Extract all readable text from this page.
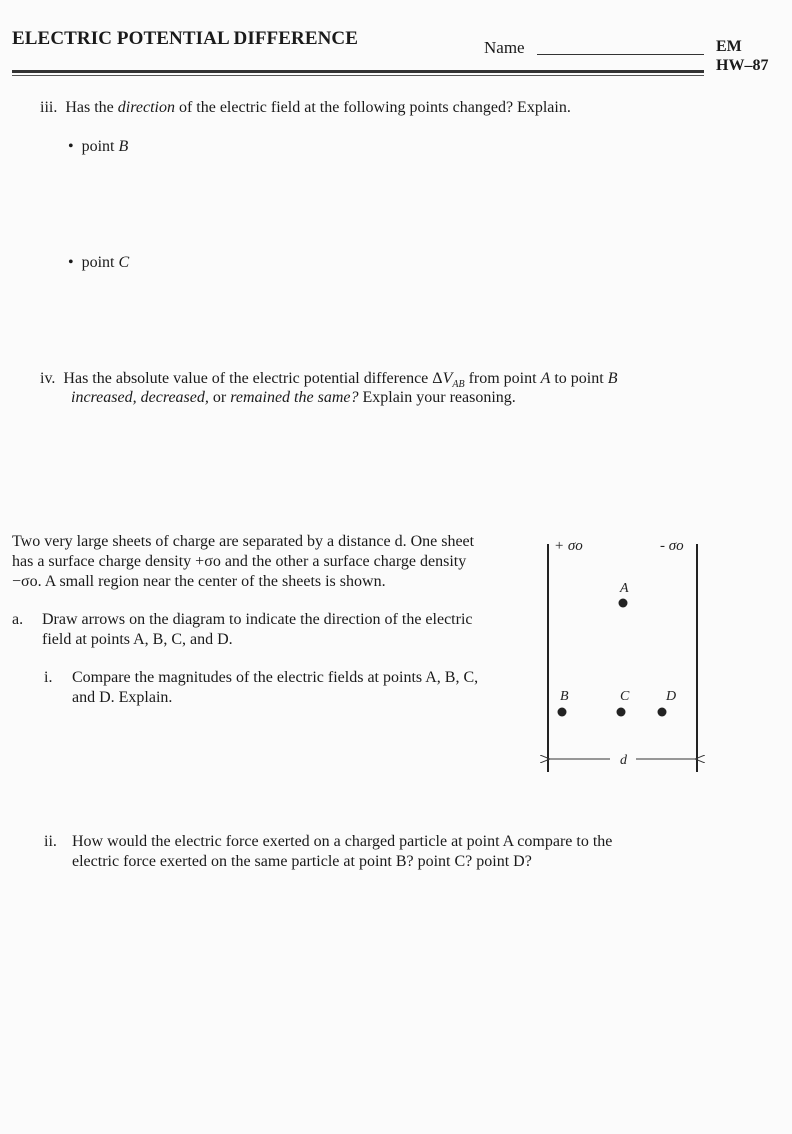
ELECTRIC POTENTIAL DIFFERENCE	Name	EM
HW–87
iii. Has the direction of the electric field at the following points changed? Explain.
• point B
• point C
iv. Has the absolute value of the electric potential difference $\Delta V_{AB}$ from point A to point B
increased, decreased, or remained the same? Explain your reasoning.
Two very large sheets of charge are separated by a distance d. One sheet
has a surface charge density +σo and the other a surface charge density
−σo. A small region near the center of the sheets is shown.
a. Draw arrows on the diagram to indicate the direction of the electric
field at points A, B, C, and D.
i. Compare the magnitudes of the electric fields at points A, B, C,
and D. Explain.
ii. How would the electric force exerted on a charged particle at point A compare to the
electric force exerted on the same particle at point B? point C? point D?
+ σo	- σo
A
B	C	D
d
